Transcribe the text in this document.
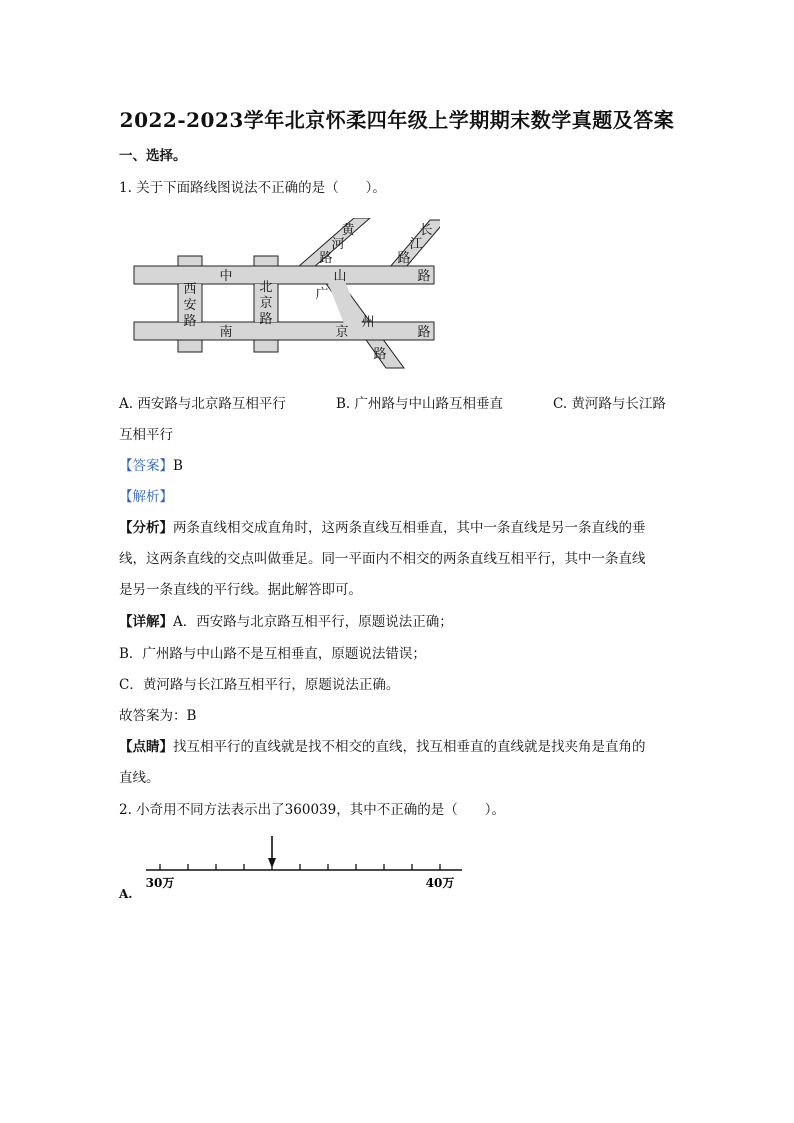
2022-2023学年北京怀柔四年级上学期期末数学真题及答案
一、选择。
1. 关于下面路线图说法不正确的是（　　）。
西
安
路
北
京
路
中	山	路
南	京	路
黄
河
路
长
江
路
广
州
路
A. 西安路与北京路互相平行	B. 广州路与中山路互相垂直	C. 黄河路与长江路
互相平行
【答案】B
【解析】
【分析】两条直线相交成直角时，这两条直线互相垂直，其中一条直线是另一条直线的垂
线，这两条直线的交点叫做垂足。同一平面内不相交的两条直线互相平行，其中一条直线
是另一条直线的平行线。据此解答即可。
【详解】A．西安路与北京路互相平行，原题说法正确；
B．广州路与中山路不是互相垂直，原题说法错误；
C．黄河路与长江路互相平行，原题说法正确。
故答案为：B
【点睛】找互相平行的直线就是找不相交的直线，找互相垂直的直线就是找夹角是直角的
直线。
2. 小奇用不同方法表示出了360039，其中不正确的是（　　）。
30万	40万
A.
